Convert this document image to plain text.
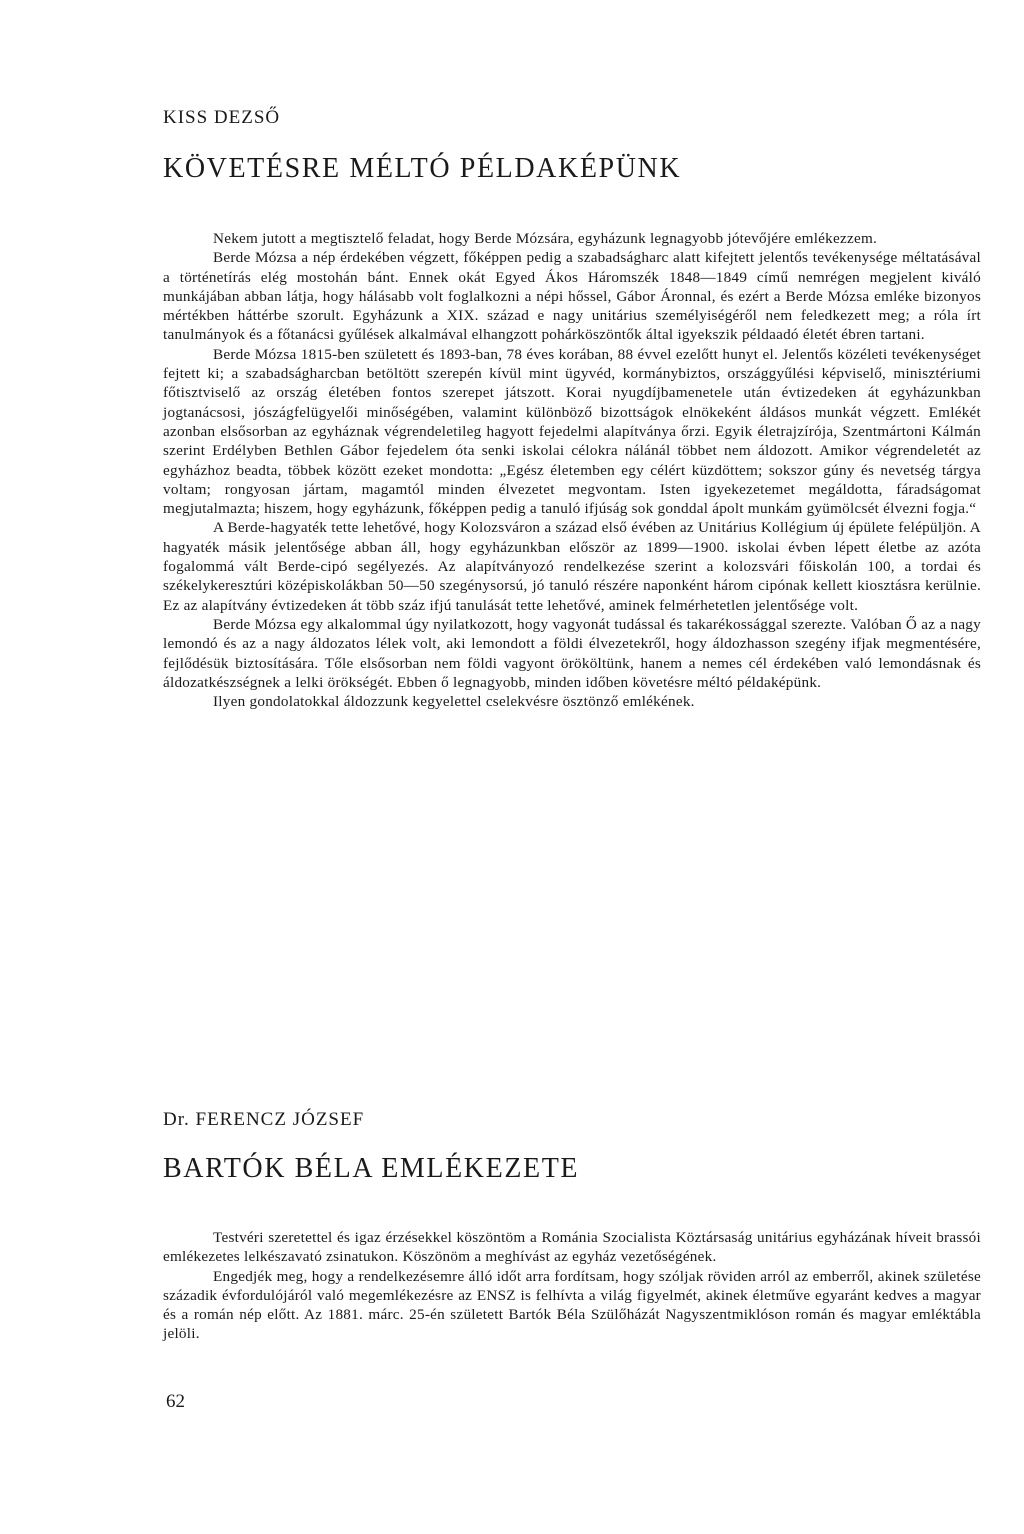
KISS DEZSŐ
KÖVETÉSRE MÉLTÓ PÉLDAKÉPÜNK

Nekem jutott a megtisztelő feladat, hogy Berde Mózsára, egyházunk legnagyobb jótevőjére emlékezzem.

Berde Mózsa a nép érdekében végzett, főképpen pedig a szabadságharc alatt kifejtett jelentős tevékenysége méltatásával a történetírás elég mostohán bánt. Ennek okát Egyed Ákos Háromszék 1848—1849 című nemrégen megjelent kiváló munkájában abban látja, hogy hálásabb volt foglalkozni a népi hőssel, Gábor Áronnal, és ezért a Berde Mózsa emléke bizonyos mértékben háttérbe szorult. Egyházunk a XIX. század e nagy unitárius személyiségéről nem feledkezett meg; a róla írt tanulmányok és a főtanácsi gyűlések alkalmával elhangzott pohárköszöntők által igyekszik példaadó életét ébren tartani.

Berde Mózsa 1815-ben született és 1893-ban, 78 éves korában, 88 évvel ezelőtt hunyt el. Jelentős közéleti tevékenységet fejtett ki; a szabadságharcban betöltött szerepén kívül mint ügyvéd, kormánybiztos, országgyűlési képviselő, minisztériumi főtisztviselő az ország életében fontos szerepet játszott. Korai nyugdíjbamenetele után évtizedeken át egyházunkban jogtanácsosi, jószágfelügyelői minőségében, valamint különböző bizottságok elnökeként áldásos munkát végzett. Emlékét azonban elsősorban az egyháznak végrendeletileg hagyott fejedelmi alapítványa őrzi. Egyik életrajzírója, Szentmártoni Kálmán szerint Erdélyben Bethlen Gábor fejedelem óta senki iskolai célokra nálánál többet nem áldozott. Amikor végrendeletét az egyházhoz beadta, többek között ezeket mondotta: „Egész életemben egy célért küzdöttem; sokszor gúny és nevetség tárgya voltam; rongyosan jártam, magamtól minden élvezetet megvontam. Isten igyekezetemet megáldotta, fáradságomat megjutalmazta; hiszem, hogy egyházunk, főképpen pedig a tanuló ifjúság sok gonddal ápolt munkám gyümölcsét élvezni fogja.“

A Berde-hagyaték tette lehetővé, hogy Kolozsváron a század első évében az Unitárius Kollégium új épülete felépüljön. A hagyaték másik jelentősége abban áll, hogy egyházunkban először az 1899—1900. iskolai évben lépett életbe az azóta fogalommá vált Berde-cipó segélyezés. Az alapítványozó rendelkezése szerint a kolozsvári főiskolán 100, a tordai és székelykeresztúri középiskolákban 50—50 szegénysorsú, jó tanuló részére naponként három cipónak kellett kiosztásra kerülnie. Ez az alapítvány évtizedeken át több száz ifjú tanulását tette lehetővé, aminek felmérhetetlen jelentősége volt.

Berde Mózsa egy alkalommal úgy nyilatkozott, hogy vagyonát tudással és takarékossággal szerezte. Valóban Ő az a nagy lemondó és az a nagy áldozatos lélek volt, aki lemondott a földi élvezetekről, hogy áldozhasson szegény ifjak megmentésére, fejlődésük biztosítására. Tőle elsősorban nem földi vagyont örököltünk, hanem a nemes cél érdekében való lemondásnak és áldozatkészségnek a lelki örökségét. Ebben ő legnagyobb, minden időben követésre méltó példaképünk.

Ilyen gondolatokkal áldozzunk kegyelettel cselekvésre ösztönző emlékének.

Dr. FERENCZ JÓZSEF
BARTÓK BÉLA EMLÉKEZETE

Testvéri szeretettel és igaz érzésekkel köszöntöm a Románia Szocialista Köztársaság unitárius egyházának híveit brassói emlékezetes lelkészavató zsinatukon. Köszönöm a meghívást az egyház vezetőségének.

Engedjék meg, hogy a rendelkezésemre álló időt arra fordítsam, hogy szóljak röviden arról az emberről, akinek születése századik évfordulójáról való megemlékezésre az ENSZ is felhívta a világ figyelmét, akinek életműve egyaránt kedves a magyar és a román nép előtt. Az 1881. márc. 25-én született Bartók Béla Szülőházát Nagyszentmiklóson román és magyar emléktábla jelöli.

62
